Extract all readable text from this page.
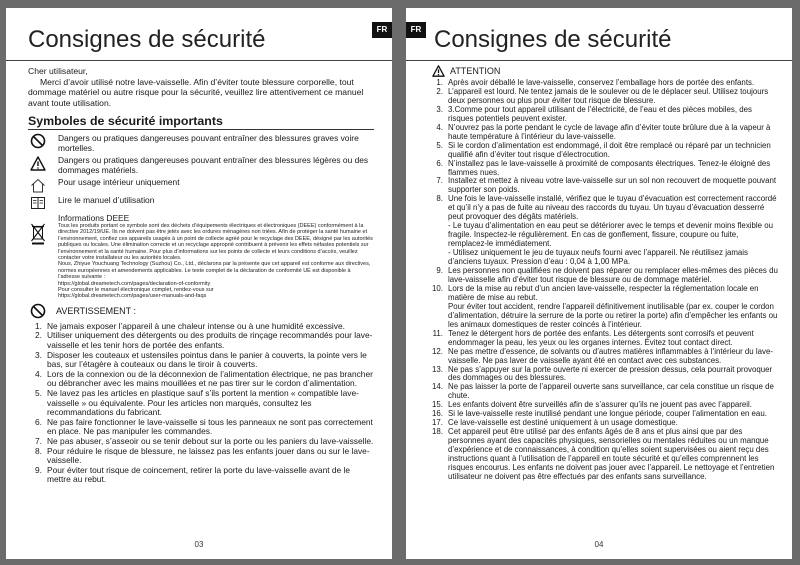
Consignes de sécurité	FR

Cher utilisateur,

Merci d’avoir utilisé notre lave-vaisselle. Afin d’éviter toute blessure corporelle, tout dommage matériel ou autre risque pour la sécurité, veuillez lire attentivement ce manuel avant toute utilisation.

Symboles de sécurité importants
Dangers ou pratiques dangereuses pouvant entraîner des blessures graves voire mortelles.
Dangers ou pratiques dangereuses pouvant entraîner des blessures légères ou des dommages matériels.
Pour usage intérieur uniquement
Lire le manuel d’utilisation
Informations DEEE
Tous les produits portant ce symbole sont des déchets d’équipements électriques et électroniques (DEEE) conformément à la directive 2012/19/UE. Ils ne doivent pas être jetés avec les ordures ménagères non triées. Afin de protéger la santé humaine et l’environnement, confiez ces appareils usagés à un point de collecte agréé pour le recyclage des DEEE, désigné par les autorités publiques ou locales. Une élimination correcte et un recyclage approprié contribuent à prévenir les effets néfastes potentiels sur l’environnement et la santé humaine. Pour plus d’informations sur les points de collecte et leurs conditions d’accès, veuillez contacter votre installateur ou les autorités locales.
Nous, Zhiyue Youchuang Technology (Suzhou) Co., Ltd., déclarons par la présente que cet appareil est conforme aux directives, normes européennes et amendements applicables. Le texte complet de la déclaration de conformité UE est disponible à l’adresse suivante :
https://global.dreametech.com/pages/declaration-of-conformity
Pour consulter le manuel électronique complet, rendez-vous sur
https://global.dreametech.com/pages/user-manuals-and-faqs
AVERTISSEMENT :
1. Ne jamais exposer l’appareil à une chaleur intense ou à une humidité excessive.
2. Utiliser uniquement des détergents ou des produits de rinçage recommandés pour lave-vaisselle et les tenir hors de portée des enfants.
3. Disposer les couteaux et ustensiles pointus dans le panier à couverts, la pointe vers le bas, sur l’étagère à couteaux ou dans le tiroir à couverts.
4. Lors de la connexion ou de la déconnexion de l’alimentation électrique, ne pas brancher ou débrancher avec les mains mouillées et ne pas tirer sur le cordon d’alimentation.
5. Ne lavez pas les articles en plastique sauf s’ils portent la mention « compatible lave-vaisselle » ou équivalente. Pour les articles non marqués, consultez les recommandations du fabricant.
6. Ne pas faire fonctionner le lave-vaisselle si tous les panneaux ne sont pas correctement en place. Ne pas manipuler les commandes.
7. Ne pas abuser, s’asseoir ou se tenir debout sur la porte ou les paniers du lave-vaisselle.
8. Pour réduire le risque de blessure, ne laissez pas les enfants jouer dans ou sur le lave-vaisselle.
9. Pour éviter tout risque de coincement, retirer la porte du lave-vaisselle avant de le mettre au rebut.
03
Consignes de sécurité
FR
ATTENTION
1. Après avoir déballé le lave-vaisselle, conservez l’emballage hors de portée des enfants.
2. L’appareil est lourd. Ne tentez jamais de le soulever ou de le déplacer seul. Utilisez toujours deux personnes ou plus pour éviter tout risque de blessure.
3. 3.Comme pour tout appareil utilisant de l’électricité, de l’eau et des pièces mobiles, des risques potentiels peuvent exister.
4. N’ouvrez pas la porte pendant le cycle de lavage afin d’éviter toute brûlure due à la vapeur à haute température à l’intérieur du lave-vaisselle.
5. Si le cordon d’alimentation est endommagé, il doit être remplacé ou réparé par un technicien qualifié afin d’éviter tout risque d’électrocution.
6. N’installez pas le lave-vaisselle à proximité de composants électriques. Tenez-le éloigné des flammes nues.
7. Installez et mettez à niveau votre lave-vaisselle sur un sol non recouvert de moquette pouvant supporter son poids.
8. Une fois le lave-vaisselle installé, vérifiez que le tuyau d’évacuation est correctement raccordé et qu’il n’y a pas de fuite au niveau des raccords du tuyau. Un tuyau d’évacuation desserré peut provoquer des dégâts matériels.
- Le tuyau d’alimentation en eau peut se détériorer avec le temps et devenir moins flexible ou fragile. Inspectez-le régulièrement. En cas de gonflement, fissure, coupure ou fuite, remplacez-le immédiatement.
- Utilisez uniquement le jeu de tuyaux neufs fourni avec l’appareil. Ne réutilisez jamais d’anciens tuyaux. Pression d’eau : 0,04 à 1,00 MPa.
9. Les personnes non qualifiées ne doivent pas réparer ou remplacer elles-mêmes des pièces du lave-vaisselle afin d’éviter tout risque de blessure ou de dommage matériel.
10. Lors de la mise au rebut d’un ancien lave-vaisselle, respecter la réglementation locale en matière de mise au rebut.
Pour éviter tout accident, rendre l’appareil définitivement inutilisable (par ex. couper le cordon d’alimentation, détruire la serrure de la porte ou retirer la porte) afin d’empêcher les enfants ou les animaux domestiques de rester coincés à l’intérieur.
11. Tenez le détergent hors de portée des enfants. Les détergents sont corrosifs et peuvent endommager la peau, les yeux ou les organes internes. Évitez tout contact direct.
12. Ne pas mettre d’essence, de solvants ou d’autres matières inflammables à l’intérieur du lave-vaisselle. Ne pas laver de vaisselle ayant été en contact avec ces substances.
13. Ne pas s’appuyer sur la porte ouverte ni exercer de pression dessus, cela pourrait provoquer des dommages ou des blessures.
14. Ne pas laisser la porte de l’appareil ouverte sans surveillance, car cela constitue un risque de chute.
15. Les enfants doivent être surveillés afin de s’assurer qu’ils ne jouent pas avec l’appareil.
16. Si le lave-vaisselle reste inutilisé pendant une longue période, couper l’alimentation en eau.
17. Ce lave-vaisselle est destiné uniquement à un usage domestique.
18. Cet appareil peut être utilisé par des enfants âgés de 8 ans et plus ainsi que par des personnes ayant des capacités physiques, sensorielles ou mentales réduites ou un manque d’expérience et de connaissances, à condition qu’elles soient supervisées ou aient reçu des instructions quant à l’utilisation de l’appareil en toute sécurité et qu’elles comprennent les risques encourus. Les enfants ne doivent pas jouer avec l’appareil. Le nettoyage et l’entretien utilisateur ne doivent pas être effectués par des enfants sans surveillance.
04
